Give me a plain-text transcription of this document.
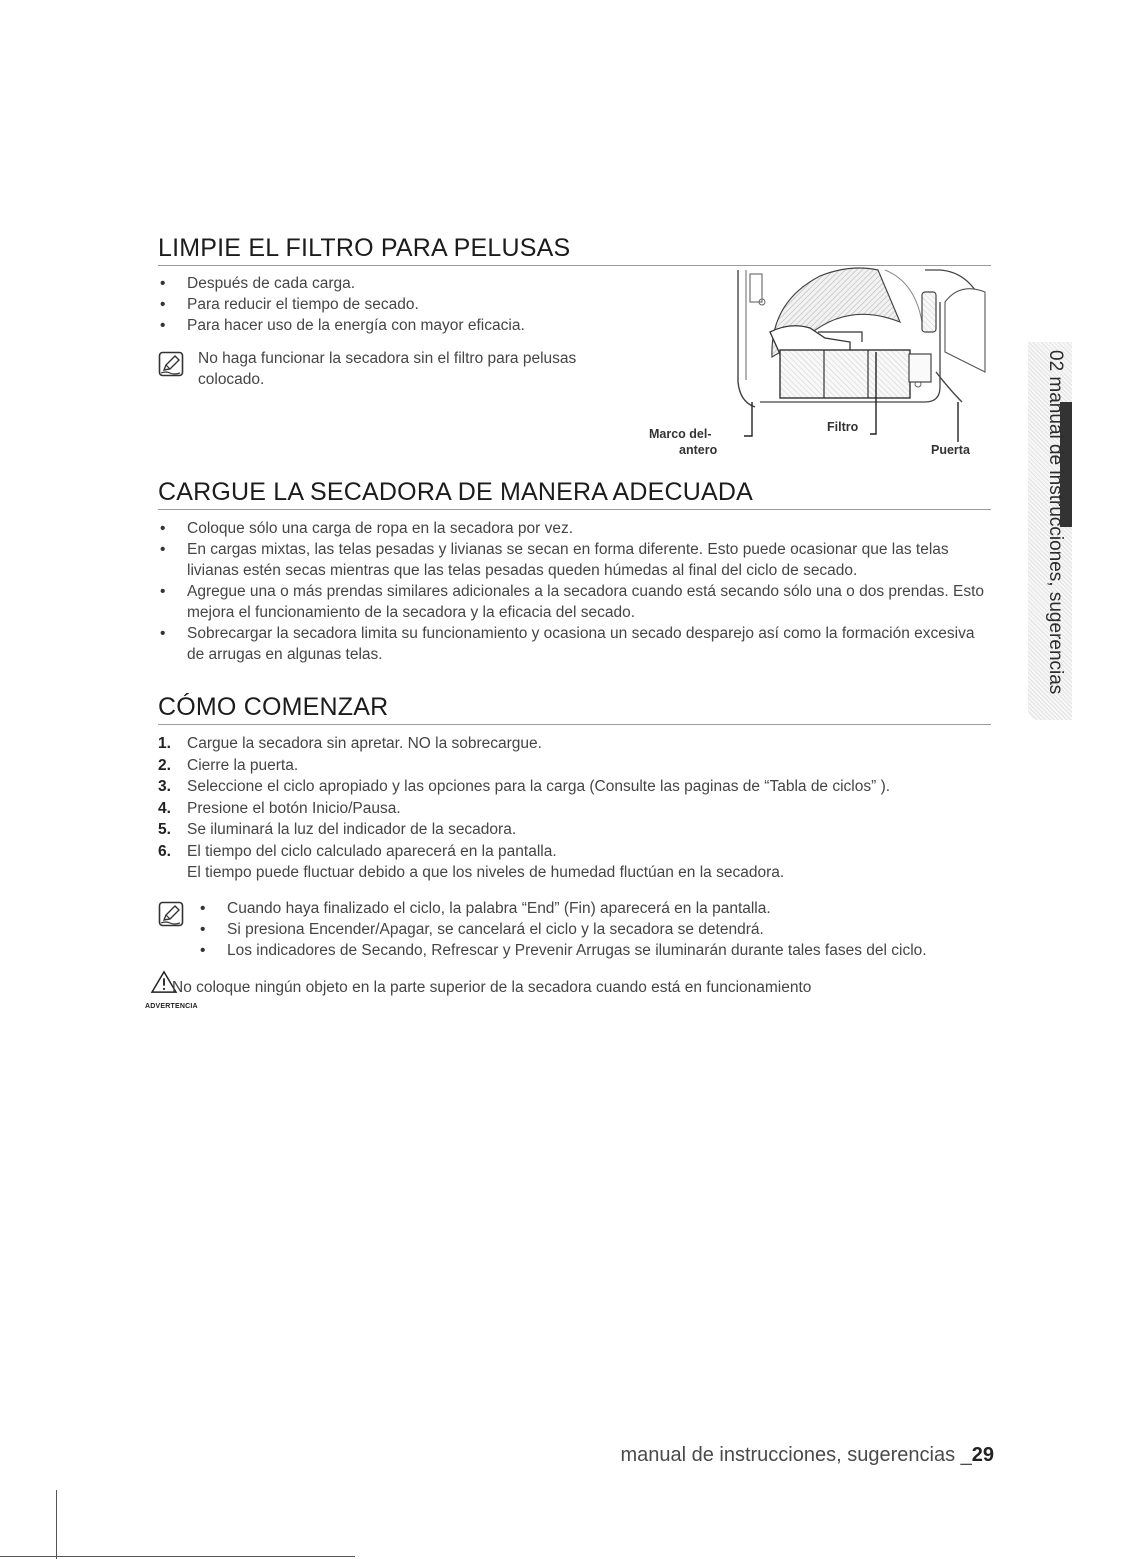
LIMPIE EL FILTRO PARA PELUSAS
• Después de cada carga.
• Para reducir el tiempo de secado.
• Para hacer uso de la energía con mayor eficacia.
No haga funcionar la secadora sin el filtro para pelusas colocado.
Marco del-
antero
Filtro
Puerta
CARGUE LA SECADORA DE MANERA ADECUADA
• Coloque sólo una carga de ropa en la secadora por vez.
• En cargas mixtas, las telas pesadas y livianas se secan en forma diferente. Esto puede ocasionar que las telas livianas estén secas mientras que las telas pesadas queden húmedas al final del ciclo de secado.
• Agregue una o más prendas similares adicionales a la secadora cuando está secando sólo una o dos prendas. Esto mejora el funcionamiento de la secadora y la eficacia del secado.
• Sobrecargar la secadora limita su funcionamiento y ocasiona un secado desparejo así como la formación excesiva de arrugas en algunas telas.
CÓMO COMENZAR
1. Cargue la secadora sin apretar. NO la sobrecargue.
2. Cierre la puerta.
3. Seleccione el ciclo apropiado y las opciones para la carga (Consulte las paginas de “Tabla de ciclos” ).
4. Presione el botón Inicio/Pausa.
5. Se iluminará la luz del indicador de la secadora.
6. El tiempo del ciclo calculado aparecerá en la pantalla.
El tiempo puede fluctuar debido a que los niveles de humedad fluctúan en la secadora.
• Cuando haya finalizado el ciclo, la palabra “End” (Fin) aparecerá en la pantalla.
• Si presiona Encender/Apagar, se cancelará el ciclo y la secadora se detendrá.
• Los indicadores de Secando, Refrescar y Prevenir Arrugas se iluminarán durante tales fases del ciclo.
ADVERTENCIA
No coloque ningún objeto en la parte superior de la secadora cuando está en funcionamiento
02 manual de instrucciones, sugerencias
manual de instrucciones, sugerencias _29
